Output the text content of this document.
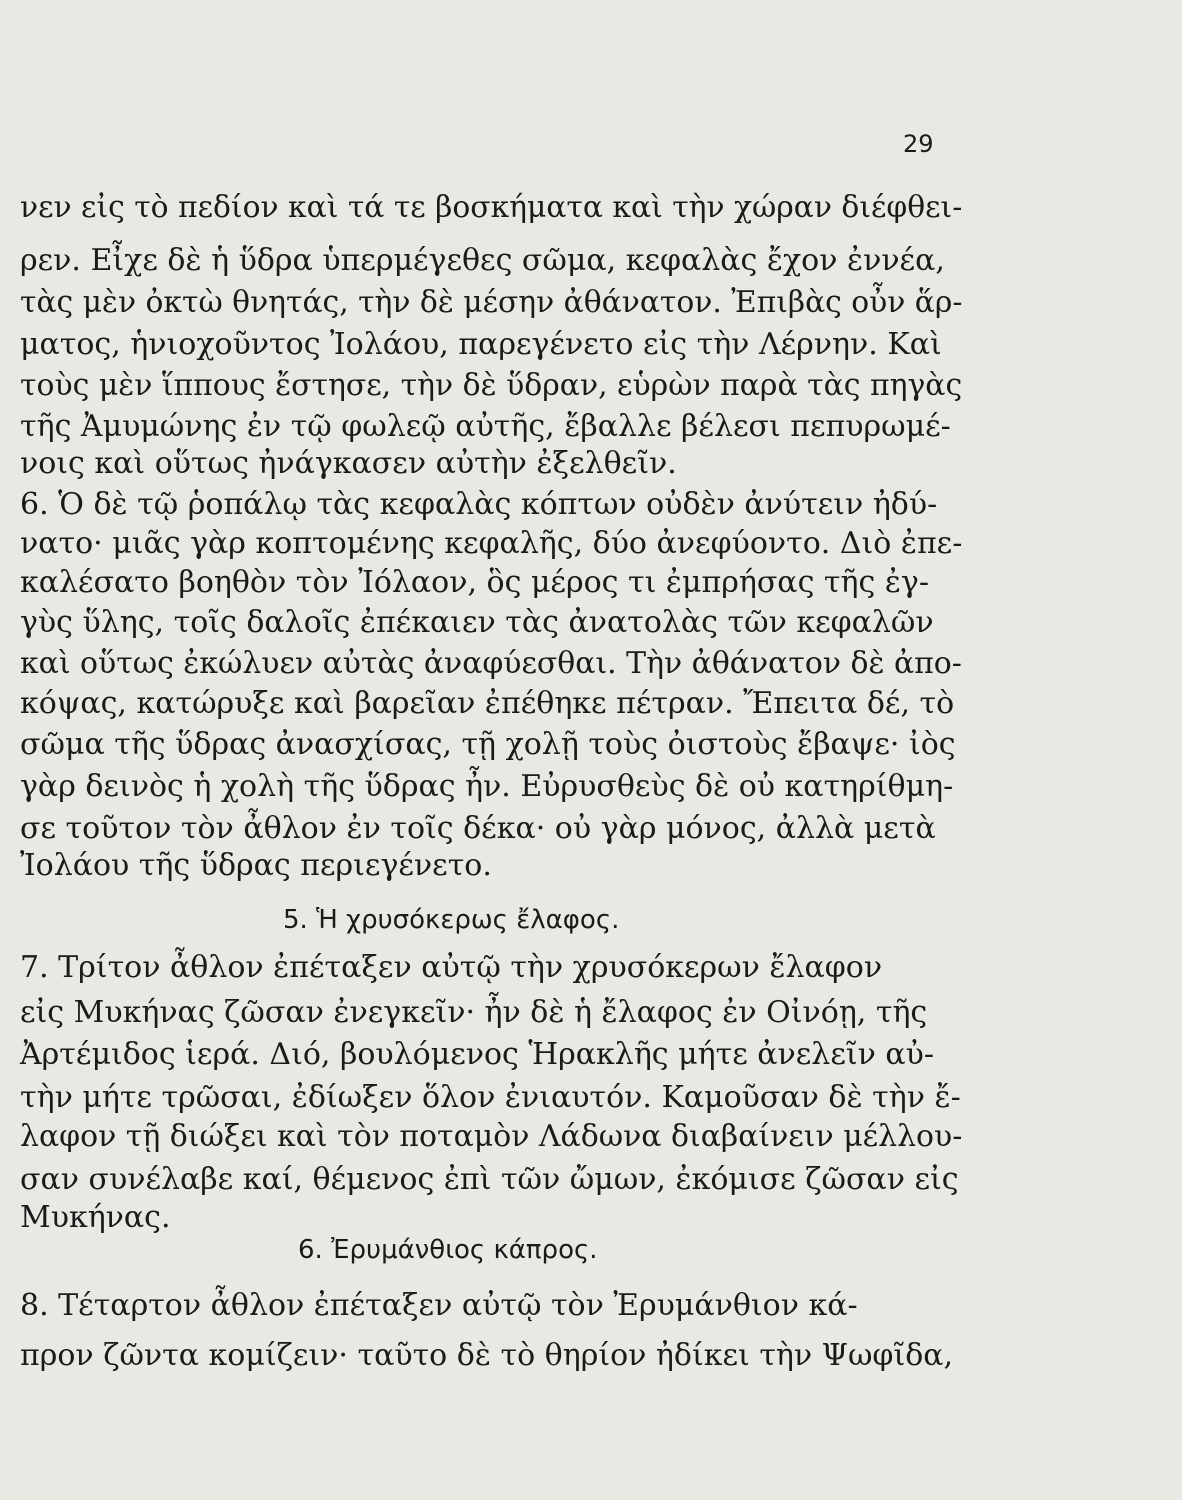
29
νεν εἰς τὸ πεδίον καὶ τά τε βοσκήματα καὶ τὴν χώραν διέφθει-
ρεν. Εἶχε δὲ ἡ ὕδρα ὑπερμέγεθες σῶμα, κεφαλὰς ἔχον ἐννέα,
τὰς μὲν ὀκτὼ θνητάς, τὴν δὲ μέσην ἀθάνατον. Ἐπιβὰς οὖν ἅρ-
ματος, ἡνιοχοῦντος Ἰολάου, παρεγένετο εἰς τὴν Λέρνην. Καὶ
τοὺς μὲν ἵππους ἔστησε, τὴν δὲ ὕδραν, εὑρὼν παρὰ τὰς πηγὰς
τῆς Ἀμυμώνης ἐν τῷ φωλεῷ αὐτῆς, ἔβαλλε βέλεσι πεπυρωμέ-
νοις καὶ οὕτως ἠνάγκασεν αὐτὴν ἐξελθεῖν.
6. Ὁ δὲ τῷ ῥοπάλῳ τὰς κεφαλὰς κόπτων οὐδὲν ἀνύτειν ἠδύ-
νατο· μιᾶς γὰρ κοπτομένης κεφαλῆς, δύο ἀνεφύοντο. Διὸ ἐπε-
καλέσατο βοηθὸν τὸν Ἰόλαον, ὃς μέρος τι ἐμπρήσας τῆς ἐγ-
γὺς ὕλης, τοῖς δαλοῖς ἐπέκαιεν τὰς ἀνατολὰς τῶν κεφαλῶν
καὶ οὕτως ἐκώλυεν αὐτὰς ἀναφύεσθαι. Τὴν ἀθάνατον δὲ ἀπο-
κόψας, κατώρυξε καὶ βαρεῖαν ἐπέθηκε πέτραν. Ἔπειτα δέ, τὸ
σῶμα τῆς ὕδρας ἀνασχίσας, τῇ χολῇ τοὺς ὀιστοὺς ἔβαψε· ἰὸς
γὰρ δεινὸς ἡ χολὴ τῆς ὕδρας ἦν. Εὐρυσθεὺς δὲ οὐ κατηρίθμη-
σε τοῦτον τὸν ἆθλον ἐν τοῖς δέκα· οὐ γὰρ μόνος, ἀλλὰ μετὰ
Ἰολάου τῆς ὕδρας περιεγένετο.
5. Ἡ χρυσόκερως ἔλαφος.
7. Τρίτον ἆθλον ἐπέταξεν αὐτῷ τὴν χρυσόκερων ἔλαφον
εἰς Μυκήνας ζῶσαν ἐνεγκεῖν· ἦν δὲ ἡ ἔλαφος ἐν Οἰνόῃ, τῆς
Ἀρτέμιδος ἱερά. Διό, βουλόμενος Ἡρακλῆς μήτε ἀνελεῖν αὐ-
τὴν μήτε τρῶσαι, ἐδίωξεν ὅλον ἐνιαυτόν. Καμοῦσαν δὲ τὴν ἔ-
λαφον τῇ διώξει καὶ τὸν ποταμὸν Λάδωνα διαβαίνειν μέλλου-
σαν συνέλαβε καί, θέμενος ἐπὶ τῶν ὤμων, ἐκόμισε ζῶσαν εἰς
Μυκήνας.
6. Ἐρυμάνθιος κάπρος.
8. Τέταρτον ἆθλον ἐπέταξεν αὐτῷ τὸν Ἐρυμάνθιον κά-
προν ζῶντα κομίζειν· ταῦτο δὲ τὸ θηρίον ἠδίκει τὴν Ψωφῖδα,
